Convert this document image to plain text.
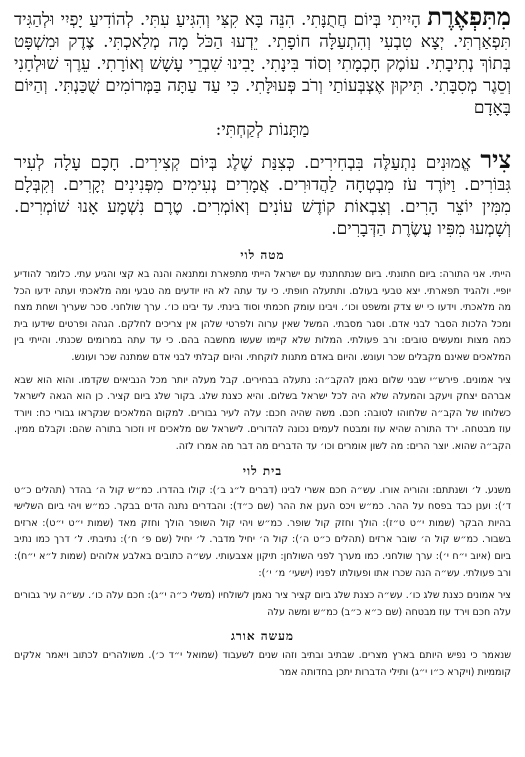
מִתִּפְאֶרֶת הָיִיתִי בְּיוֹם חֲתֻנָּתִי. הִנֵּה בָּא קִצִּי וְהִגִּיעַ עִתִּי. לְהוֹדִיעַ יָפְיִי וּלְהַגִּיד תִּפְאַרְתִּי. יְצָא טִבְעִי וְהִתְעַלָּה חוֹפָתִי. יֵדְעוּ הַכֹּל מָה מְלַאכְתִּי. צֶדֶק וּמִשְׁפָּט בְּתוֹךְ נְתִיבָתִי. עוֹמֶק חָכְמָתִי וְסוֹד בִּינָתִי. יָבִינוּ שִׁבְרֵי עָשָׁשׁ וְאוֹרָתִי. עֵרֶךְ שׁוּלְחָנִי וְסֵגֶר מְסִבָּתִי. תִּיקוּן אֶצְבְּעוֹתַי וְרֹב פְּעוּלָּתִי. כִּי עַד עַתָּה בַּמְּרוֹמִים שֻׁכַּנְתִּי. וְהַיּוֹם בָּאָדָם
מַתָּנוֹת לְקַחְתִּי:
צִיר אֱמוּנִים נִתְעַלֶּה בִּבְחִירִים. כְּצִנַּת שֶׁלֶג בְּיוֹם קְצִירִים. חָכָם עָלָה לְעִיר גִּבּוֹרִים. וַיּוֹרֶד עֹז מִבְטְחָה לַהֲדוּרִים. אֲמָרִים נְעִימִים מִפְּנִינִים יְקָרִים. וְקִבְּלָם מִמִּין יוֹצֵר הָרִים. וְצִבְאוֹת קוֹדֶשׁ עוֹנִים וְאוֹמְרִים. טֶרֶם נִשְׁמָע אָנוּ שׁוֹמְרִים. וְשָׁמְעוּ מִפִּיו עֲשֶׂרֶת הַדְּבָרִים.
מטה לוי

הייתי. אני התורה: ביום חתונתי. ביום שנתחתנתי עם ישראל הייתי מתפארת ומתנאה והנה בא קצי והגיע עתי. כלומר להודיע יופיי. ולהגיד תפארתי. יצא טבעי בעולם. ותתעלה חופתי. כי עד עתה לא היו יודעים מה טבעי ומה מלאכתי ועתה ידעו הכל מה מלאכתי. וידעו כי יש צדק ומשפט וכו׳. ויבינו עומק חכמתי וסוד בינתי. עד יבינו כו׳. ערך שולחני. סכר שעריך ושחת מצח ומכל הלכות הסבר לבני אדם. וסגר מסבתי. המשל שאין ערוה ולפרטי שלהן אין צריכים לחלקם. הגהה ופרטים שידעו בית כמה מצות ומעשים טובים: ורב פעולתי. המלות שלא קיימו שעשו מחשבה בהם. כי עד עתה במרומים שכנתי. והייתי בין המלאכים שאינם מקבלים שכר ועונש. והיום באדם מתנות לוקחתי. והיום קבלתי לבני אדם שמתנה שכר ועונש.

ציר אמונים. פירש״י שבני שלום נאמן להקב״ה: נתעלה בבחירים. קבל מעלה יותר מכל הנביאים שקדמו. והוא הוא שבא אברהם יצחק ויעקב והמעלה שלא היה לכל ישראל בשלום. והיא כצנת שלג. בקור שלג ביום קציר. כן הוא הגאה לישראל כשלוחו של הקב״ה שלחוהו לטובה: חכם. משה שהיה חכם: עלה לעיר גבורים. למקום המלאכים שנקראו גבורי כח: ויורד עוז מבטחה. ירד התורה שהיא עוז ומבטח לעמים נכונה להדורים. לישראל שם מלאכים זיו וזכור בתורה שהם: וקבלם ממין. הקב״ה שהוא. יוצר הרים: מה לשון אומרים וכו׳ עד הדברים מה דבר מה אמרו לזה.

בית לוי

משנע. ל׳ ושנתתם: והוריה אורו. עש״ה חכם אשרי לבינו (דברים ל״ג ב׳): קולו בהדרו. כמ״ש קול ה׳ בהדר (תהלים כ״ט ד׳): וענן כבד בפסח על ההר. כמ״ש ויכס הענן את ההר (שם כ״ד): והבדרים נתנה הדים בבקר. כמ״ש ויהי ביום השלישי בהיות הבקר (שמות י״ט ט״ז): הולך וחזק קול שופר. כמ״ש ויהי קול השופר הולך וחזק מאד (שמות י״ט י״ט): ארזים בשבור. כמ״ש קול ה׳ שובר ארזים (תהלים כ״ט ה׳): קול ה׳ יחיל מדבר. ל׳ יחיל (שם פ׳ ח׳): נתיבתי. ל׳ דרך כמו נתיב ביום (איוב י״ח י׳): ערך שולחני. כמו מערך לפני השולחן: תיקון אצבעותי. עש״ה כתובים באלבע אלוהים (שמות ל״א י״ח): ורב פעולתי. עש״ה הנה שכרו אתו ופעולתו לפניו (ישעי׳ מ׳ י׳):

ציר אמונים כצנת שלג כו׳. עש״ה כצנת שלג ביום קציר ציר נאמן לשולחיו (משלי כ״ה י״ג): חכם עלה כו׳. עש״ה עיר גבורים עלה חכם וירד עוז מבטחה (שם כ״א כ״ב) כמ״ש ומשה עלה

מעשה אורג

שנאמר כי נפיש היותם בארץ מצרים. שבתיב ובתיב וזהו שנים לשעבוד (שמואל י״ד כ׳). משולהרים לכתוב ויאמר אלקים קוממיות (ויקרא כ״ו י״ג) ותילי הדברות יתכן בחדותה אמר
